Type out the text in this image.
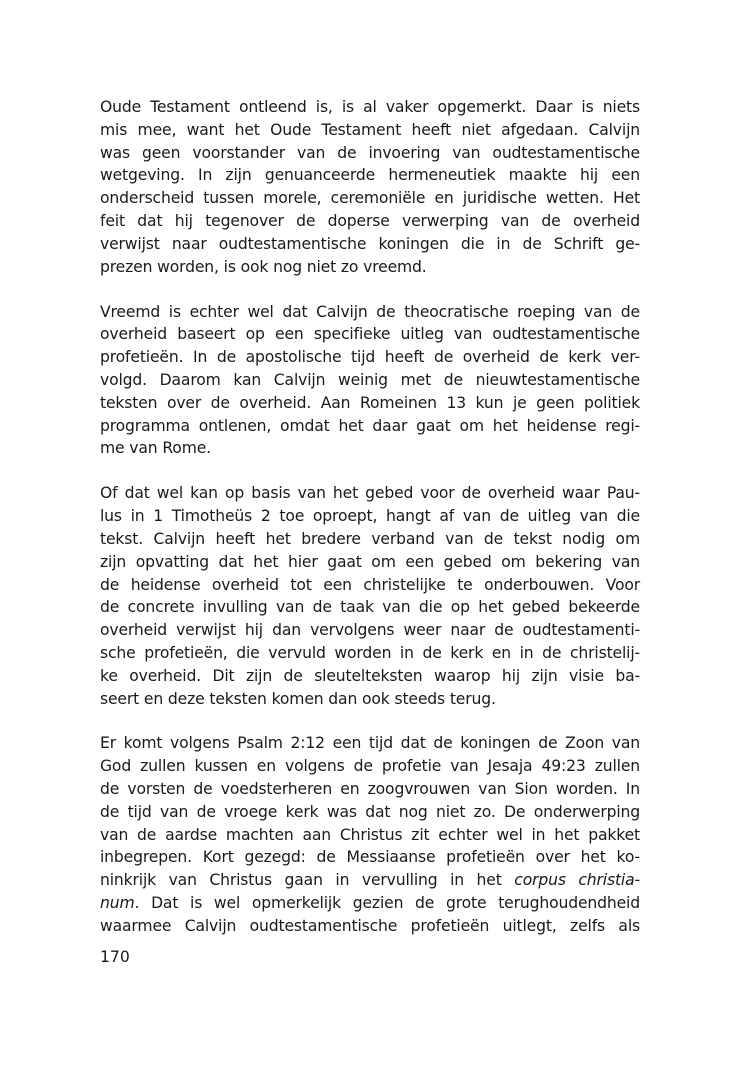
Oude Testament ontleend is, is al vaker opgemerkt. Daar is niets
mis mee, want het Oude Testament heeft niet afgedaan. Calvijn
was geen voorstander van de invoering van oudtestamentische
wetgeving. In zijn genuanceerde hermeneutiek maakte hij een
onderscheid tussen morele, ceremoniële en juridische wetten. Het
feit dat hij tegenover de doperse verwerping van de overheid
verwijst naar oudtestamentische koningen die in de Schrift ge-
prezen worden, is ook nog niet zo vreemd.
Vreemd is echter wel dat Calvijn de theocratische roeping van de
overheid baseert op een specifieke uitleg van oudtestamentische
profetieën. In de apostolische tijd heeft de overheid de kerk ver-
volgd. Daarom kan Calvijn weinig met de nieuwtestamentische
teksten over de overheid. Aan Romeinen 13 kun je geen politiek
programma ontlenen, omdat het daar gaat om het heidense regi-
me van Rome.
Of dat wel kan op basis van het gebed voor de overheid waar Pau-
lus in 1 Timotheüs 2 toe oproept, hangt af van de uitleg van die
tekst. Calvijn heeft het bredere verband van de tekst nodig om
zijn opvatting dat het hier gaat om een gebed om bekering van
de heidense overheid tot een christelijke te onderbouwen. Voor
de concrete invulling van de taak van die op het gebed bekeerde
overheid verwijst hij dan vervolgens weer naar de oudtestamenti-
sche profetieën, die vervuld worden in de kerk en in de christelij-
ke overheid. Dit zijn de sleutelteksten waarop hij zijn visie ba-
seert en deze teksten komen dan ook steeds terug.
Er komt volgens Psalm 2:12 een tijd dat de koningen de Zoon van
God zullen kussen en volgens de profetie van Jesaja 49:23 zullen
de vorsten de voedsterheren en zoogvrouwen van Sion worden. In
de tijd van de vroege kerk was dat nog niet zo. De onderwerping
van de aardse machten aan Christus zit echter wel in het pakket
inbegrepen. Kort gezegd: de Messiaanse profetieën over het ko-
ninkrijk van Christus gaan in vervulling in het corpus christia-
num. Dat is wel opmerkelijk gezien de grote terughoudendheid
waarmee Calvijn oudtestamentische profetieën uitlegt, zelfs als
170
